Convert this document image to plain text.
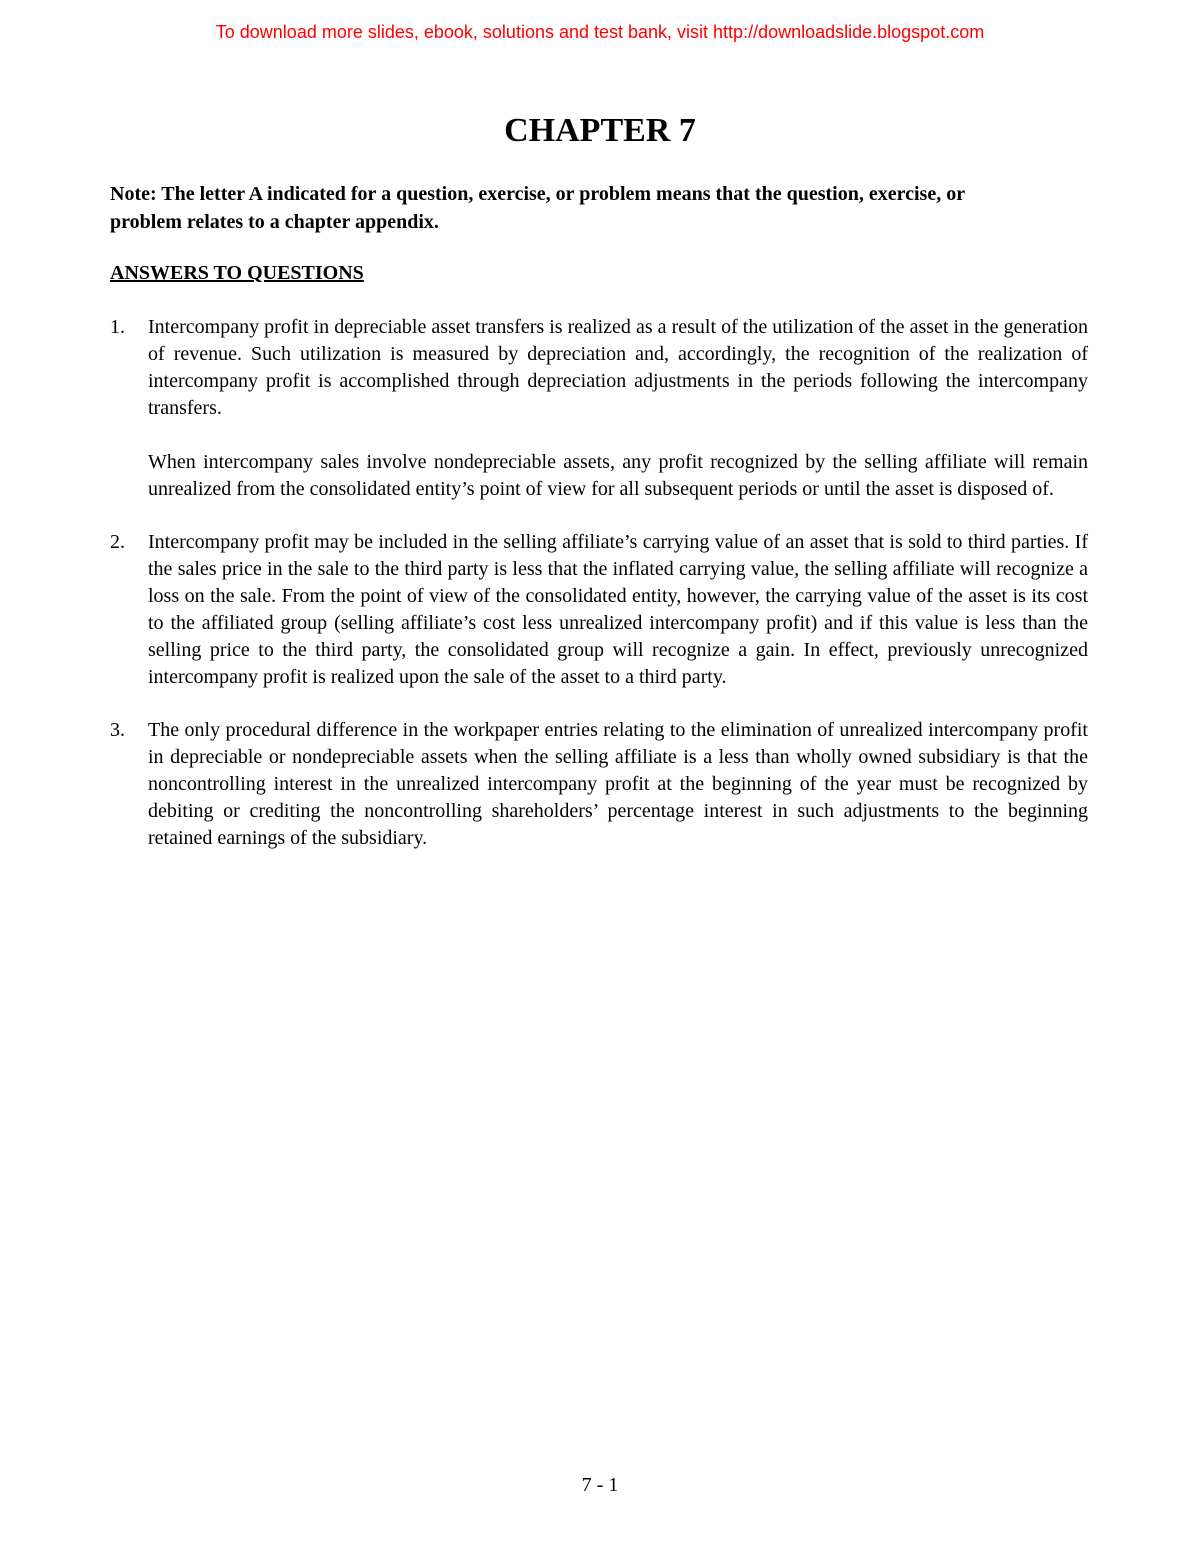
To download more slides, ebook, solutions and test bank, visit http://downloadslide.blogspot.com
CHAPTER 7
Note: The letter A indicated for a question, exercise, or problem means that the question, exercise, or problem relates to a chapter appendix.
ANSWERS TO QUESTIONS
1. Intercompany profit in depreciable asset transfers is realized as a result of the utilization of the asset in the generation of revenue. Such utilization is measured by depreciation and, accordingly, the recognition of the realization of intercompany profit is accomplished through depreciation adjustments in the periods following the intercompany transfers.

When intercompany sales involve nondepreciable assets, any profit recognized by the selling affiliate will remain unrealized from the consolidated entity’s point of view for all subsequent periods or until the asset is disposed of.

2. Intercompany profit may be included in the selling affiliate’s carrying value of an asset that is sold to third parties. If the sales price in the sale to the third party is less that the inflated carrying value, the selling affiliate will recognize a loss on the sale. From the point of view of the consolidated entity, however, the carrying value of the asset is its cost to the affiliated group (selling affiliate’s cost less unrealized intercompany profit) and if this value is less than the selling price to the third party, the consolidated group will recognize a gain. In effect, previously unrecognized intercompany profit is realized upon the sale of the asset to a third party.

3. The only procedural difference in the workpaper entries relating to the elimination of unrealized intercompany profit in depreciable or nondepreciable assets when the selling affiliate is a less than wholly owned subsidiary is that the noncontrolling interest in the unrealized intercompany profit at the beginning of the year must be recognized by debiting or crediting the noncontrolling shareholders’ percentage interest in such adjustments to the beginning retained earnings of the subsidiary.

7 - 1
